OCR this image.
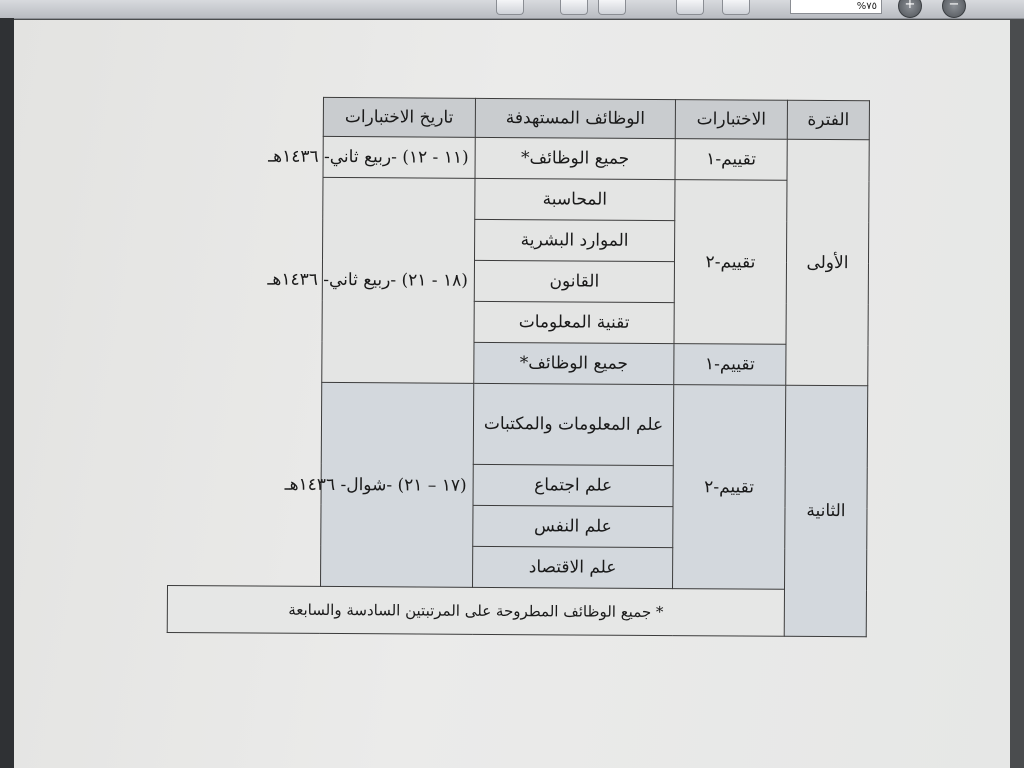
%٧٥	+	−
الفترة	الاختبارات	الوظائف المستهدفة	تاريخ الاختبارات
الأولى	تقييم-١	جميع الوظائف*	(١١ - ١٢) -ربيع ثاني- ١٤٣٦هـ
	تقييم-٢	المحاسبة	(١٨ - ٢١) -ربيع ثاني- ١٤٣٦هـ
		الموارد البشرية	
		القانون	
		تقنية المعلومات	
	تقييم-١	جميع الوظائف*	
الثانية	تقييم-٢	علم المعلومات والمكتبات	(١٧ – ٢١) -شوال- ١٤٣٦هـ
		علم اجتماع	
		علم النفس	
		علم الاقتصاد	
	* جميع الوظائف المطروحة على المرتبتين السادسة والسابعة		
